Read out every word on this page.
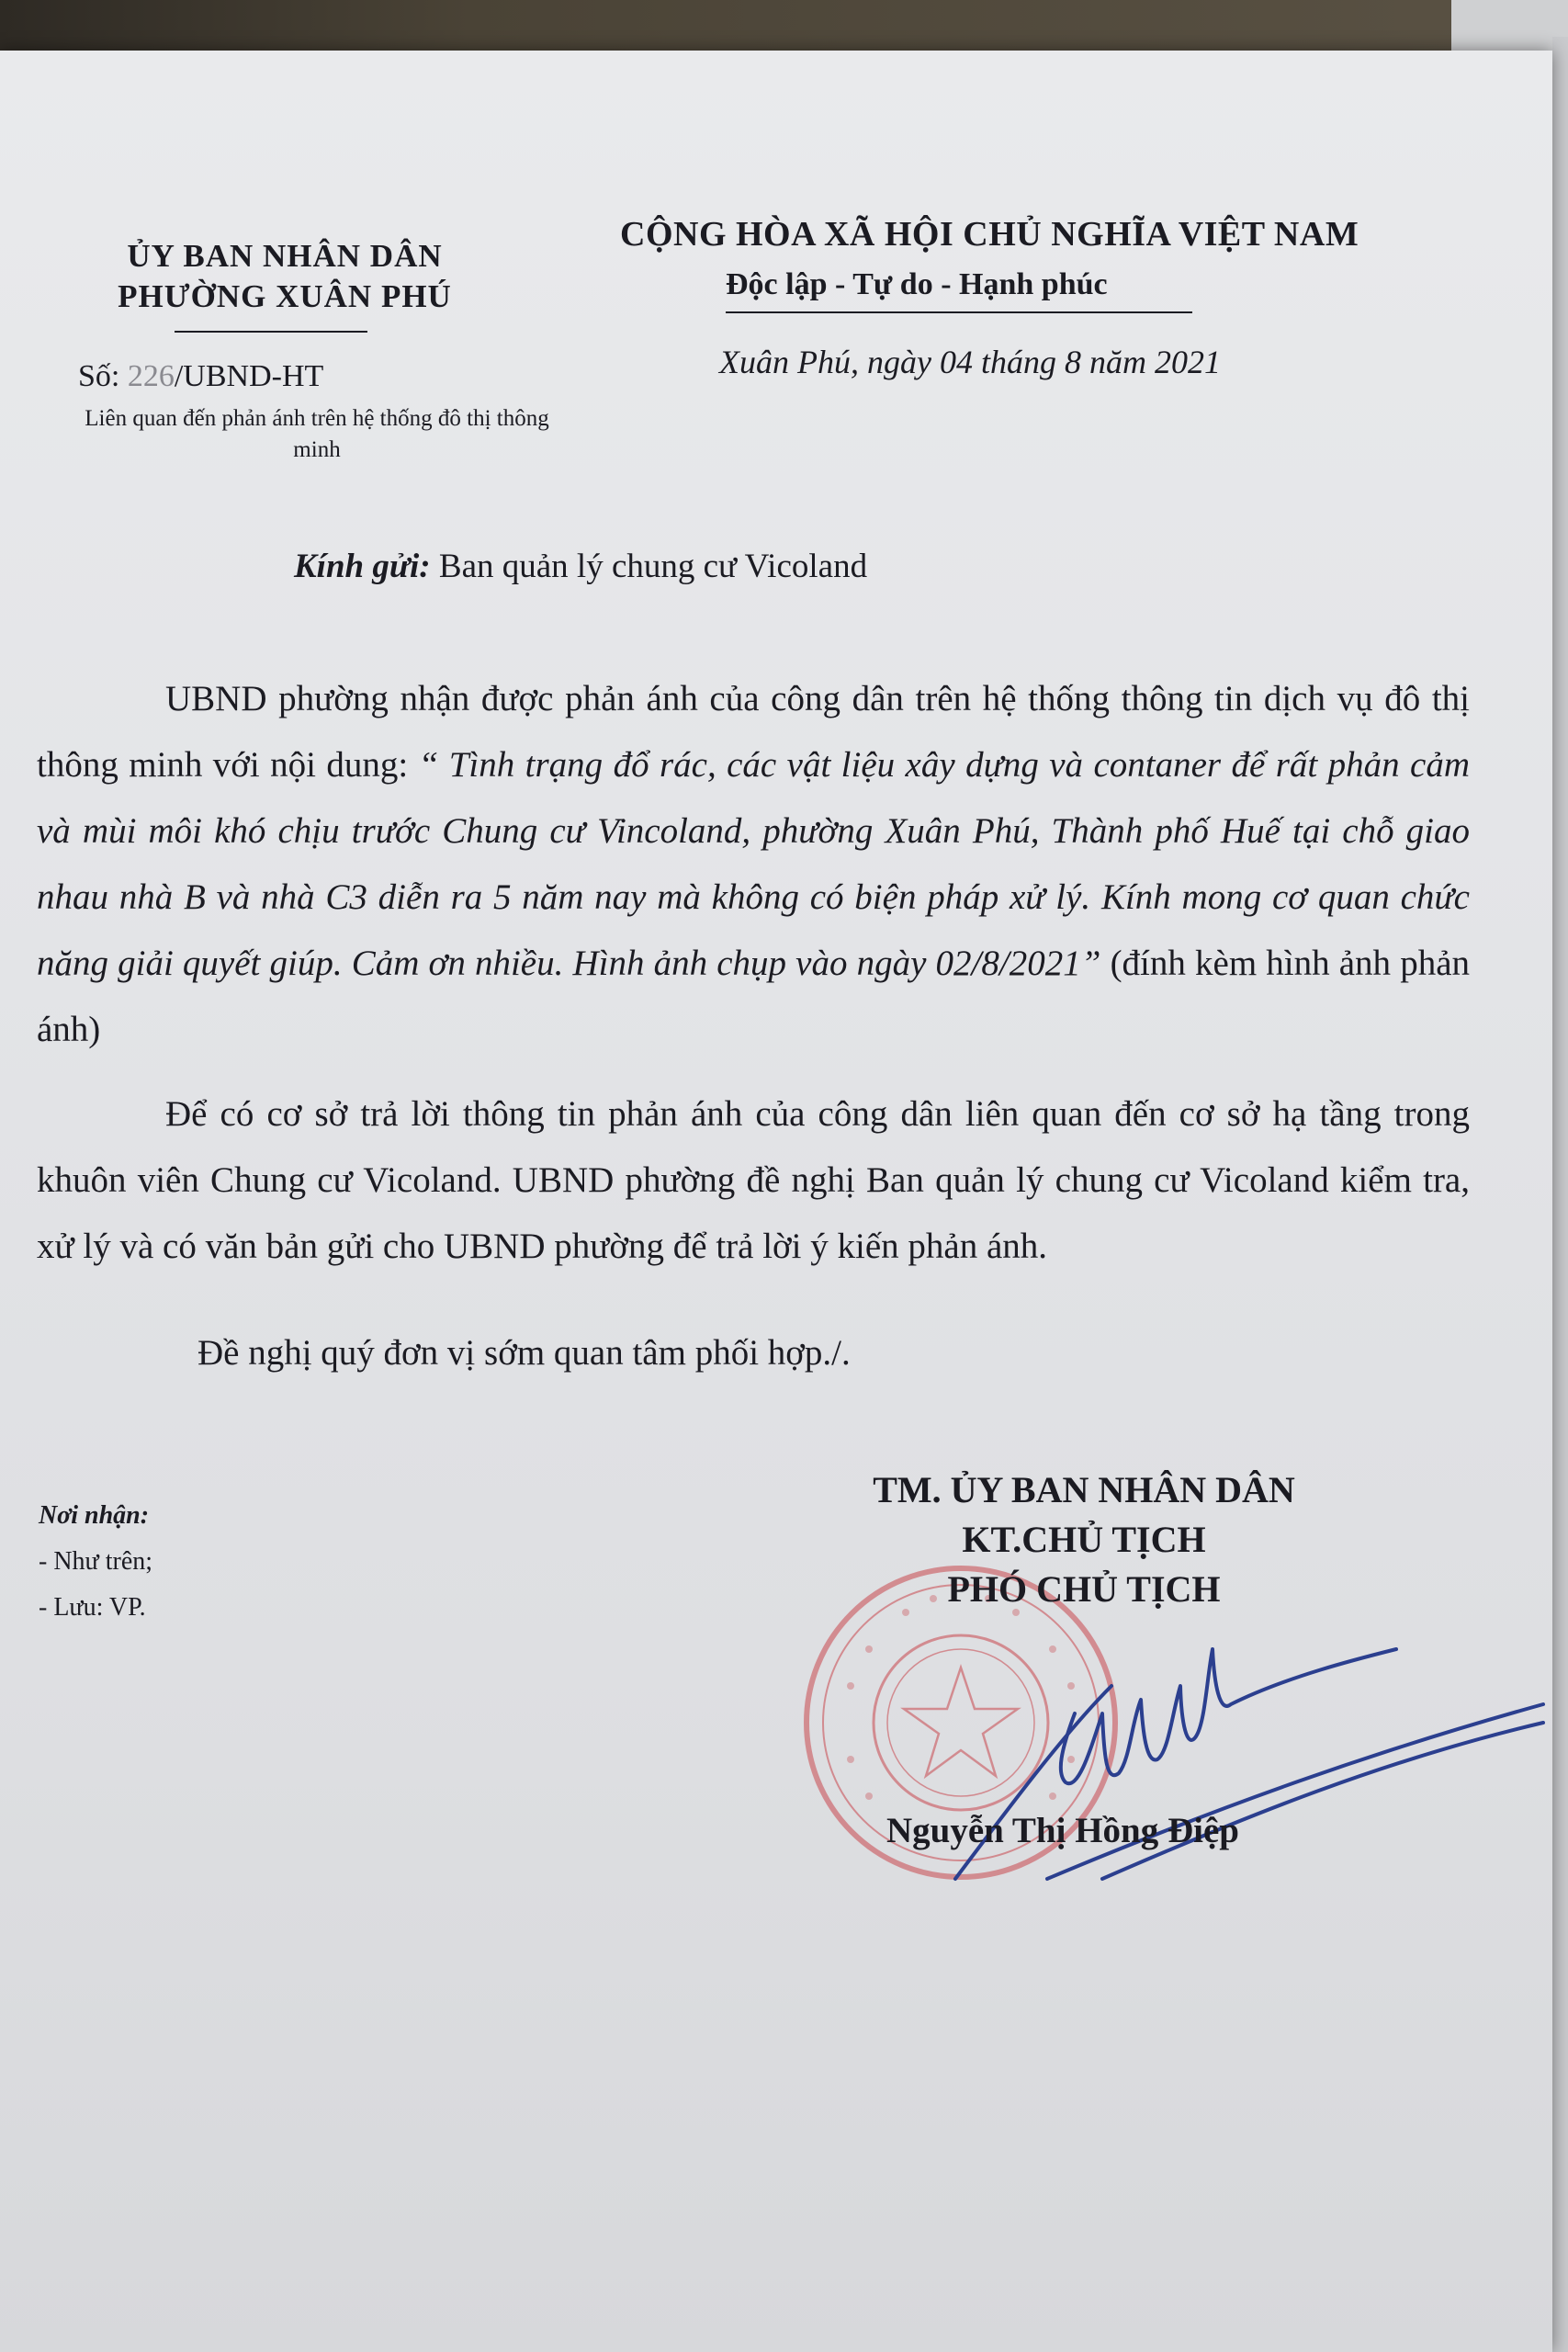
ỦY BAN NHÂN DÂN
PHƯỜNG XUÂN PHÚ
CỘNG HÒA XÃ HỘI CHỦ NGHĨA VIỆT NAM
Độc lập - Tự do - Hạnh phúc
Số: 226/UBND-HT
Liên quan đến phản ánh trên hệ thống đô thị thông minh
Xuân Phú, ngày 04 tháng 8 năm 2021
Kính gửi: Ban quản lý chung cư Vicoland
UBND phường nhận được phản ánh của công dân trên hệ thống thông tin dịch vụ đô thị thông minh với nội dung: “ Tình trạng đổ rác, các vật liệu xây dựng và contaner để rất phản cảm và mùi môi khó chịu trước Chung cư Vincoland, phường Xuân Phú, Thành phố Huế tại chỗ giao nhau nhà B và nhà C3 diễn ra 5 năm nay mà không có biện pháp xử lý. Kính mong cơ quan chức năng giải quyết giúp. Cảm ơn nhiều. Hình ảnh chụp vào ngày 02/8/2021” (đính kèm hình ảnh phản ánh)
Để có cơ sở trả lời thông tin phản ánh của công dân liên quan đến cơ sở hạ tầng trong khuôn viên Chung cư Vicoland. UBND phường đề nghị Ban quản lý chung cư Vicoland kiểm tra, xử lý và có văn bản gửi cho UBND phường để trả lời ý kiến phản ánh.
Đề nghị quý đơn vị sớm quan tâm phối hợp./.
Nơi nhận:
- Như trên;
- Lưu: VP.
TM. ỦY BAN NHÂN DÂN
KT.CHỦ TỊCH
PHÓ CHỦ TỊCH
Nguyễn Thị Hồng Điệp
